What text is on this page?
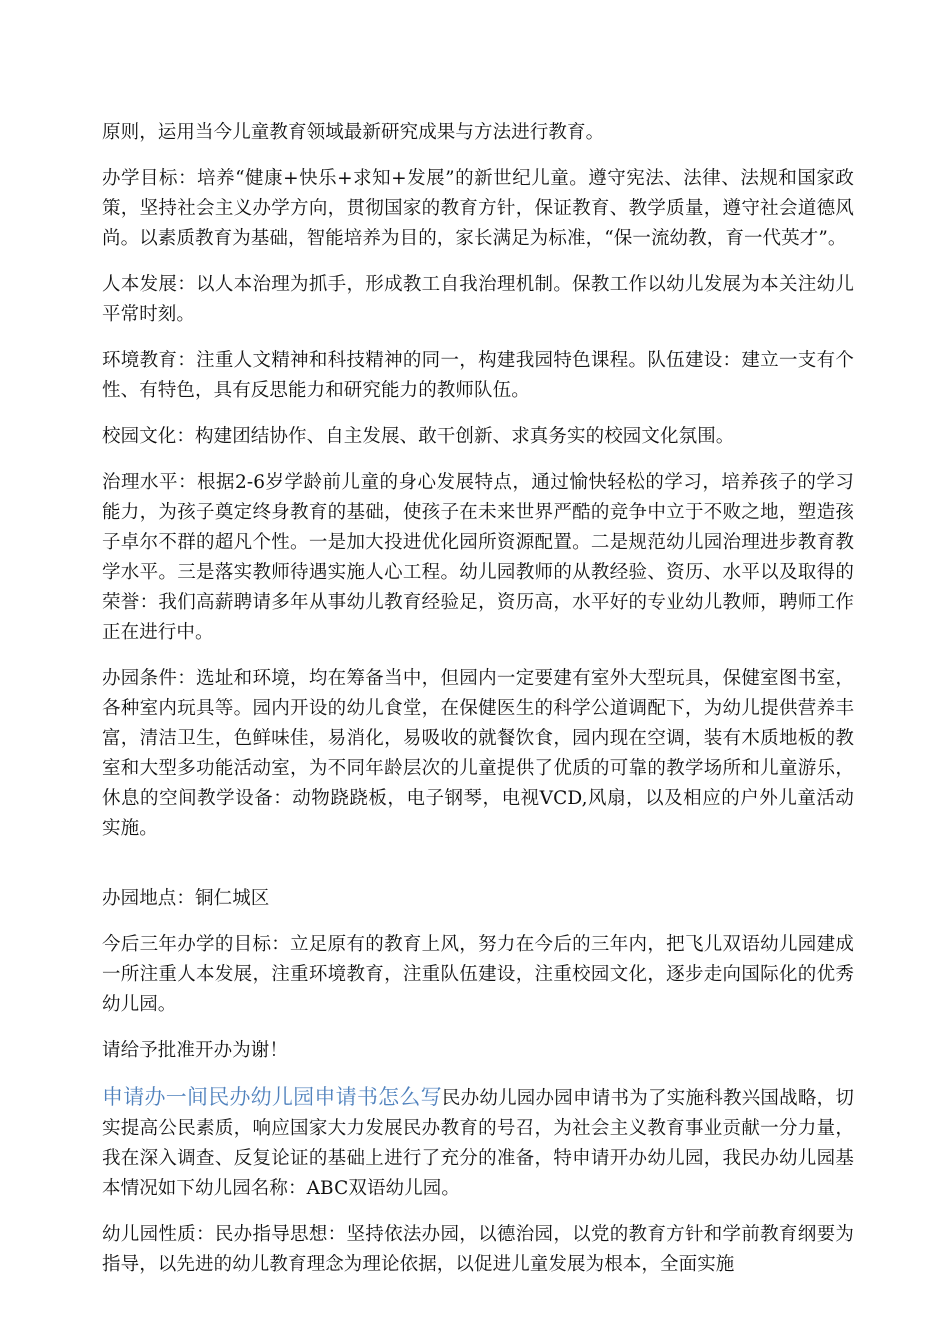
原则，运用当今儿童教育领域最新研究成果与方法进行教育。

办学目标：培养“健康+快乐+求知+发展”的新世纪儿童。遵守宪法、法律、法规和国家政策，坚持社会主义办学方向，贯彻国家的教育方针，保证教育、教学质量，遵守社会道德风尚。以素质教育为基础，智能培养为目的，家长满足为标准，“保一流幼教，育一代英才”。

人本发展：以人本治理为抓手，形成教工自我治理机制。保教工作以幼儿发展为本关注幼儿平常时刻。

环境教育：注重人文精神和科技精神的同一，构建我园特色课程。队伍建设：建立一支有个性、有特色，具有反思能力和研究能力的教师队伍。

校园文化：构建团结协作、自主发展、敢干创新、求真务实的校园文化氛围。

治理水平：根据2-6岁学龄前儿童的身心发展特点，通过愉快轻松的学习，培养孩子的学习能力，为孩子奠定终身教育的基础，使孩子在未来世界严酷的竞争中立于不败之地，塑造孩子卓尔不群的超凡个性。一是加大投进优化园所资源配置。二是规范幼儿园治理进步教育教学水平。三是落实教师待遇实施人心工程。幼儿园教师的从教经验、资历、水平以及取得的荣誉：我们高薪聘请多年从事幼儿教育经验足，资历高，水平好的专业幼儿教师，聘师工作正在进行中。

办园条件：选址和环境，均在筹备当中，但园内一定要建有室外大型玩具，保健室图书室，各种室内玩具等。园内开设的幼儿食堂，在保健医生的科学公道调配下，为幼儿提供营养丰富，清洁卫生，色鲜味佳，易消化，易吸收的就餐饮食，园内现在空调，装有木质地板的教室和大型多功能活动室，为不同年龄层次的儿童提供了优质的可靠的教学场所和儿童游乐，休息的空间教学设备：动物跷跷板，电子钢琴，电视VCD,风扇，以及相应的户外儿童活动实施。

办园地点：铜仁城区

今后三年办学的目标：立足原有的教育上风，努力在今后的三年内，把飞儿双语幼儿园建成一所注重人本发展，注重环境教育，注重队伍建设，注重校园文化，逐步走向国际化的优秀幼儿园。

请给予批准开办为谢！

申请办一间民办幼儿园申请书怎么写民办幼儿园办园申请书为了实施科教兴国战略，切实提高公民素质，响应国家大力发展民办教育的号召，为社会主义教育事业贡献一分力量，我在深入调查、反复论证的基础上进行了充分的准备，特申请开办幼儿园，我民办幼儿园基本情况如下幼儿园名称：ABC双语幼儿园。

幼儿园性质：民办指导思想：坚持依法办园，以德治园，以党的教育方针和学前教育纲要为指导，以先进的幼儿教育理念为理论依据，以促进儿童发展为根本，全面实施
